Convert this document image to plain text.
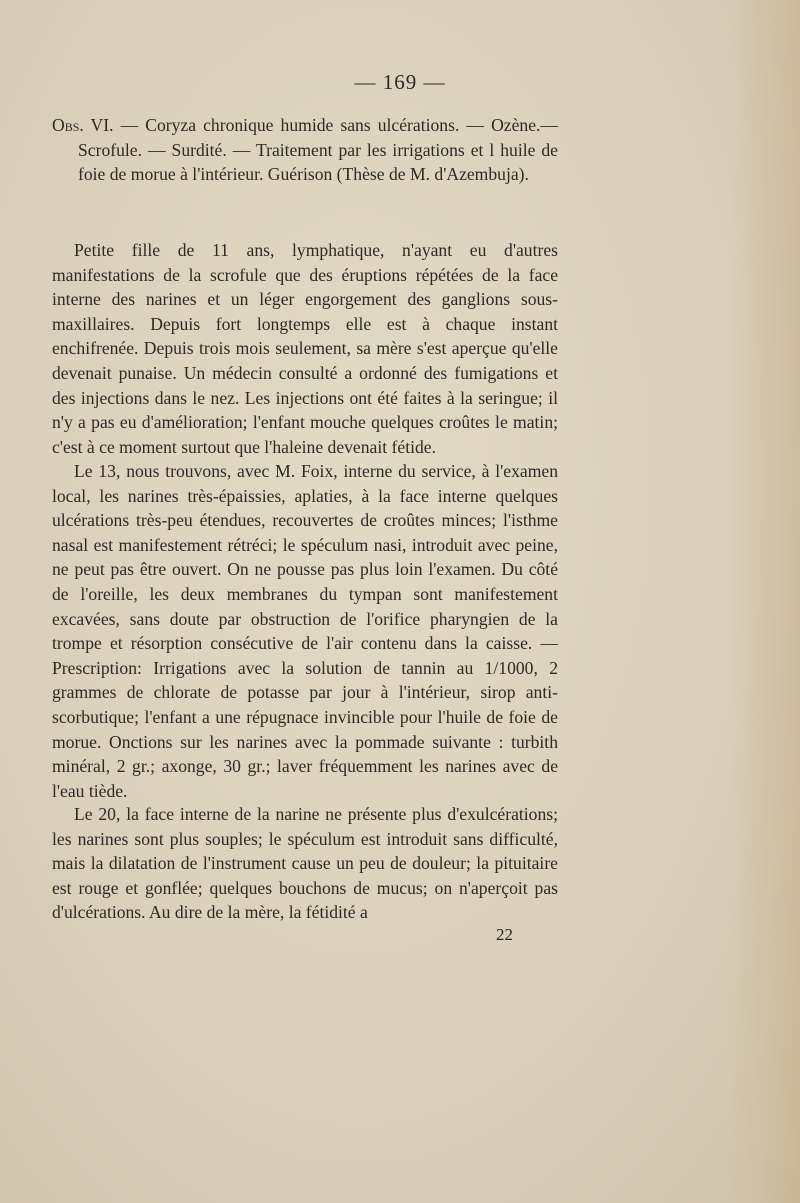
— 169 —

Obs. VI. — Coryza chronique humide sans ulcérations. — Ozène.— Scrofule. — Surdité. — Traitement par les irrigations et l huile de foie de morue à l'intérieur. Guérison (Thèse de M. d'Azembuja).

Petite fille de 11 ans, lymphatique, n'ayant eu d'autres manifestations de la scrofule que des éruptions répétées de la face interne des narines et un léger engorgement des ganglions sous-maxillaires. Depuis fort longtemps elle est à chaque instant enchifrenée. Depuis trois mois seulement, sa mère s'est aperçue qu'elle devenait punaise. Un médecin consulté a ordonné des fumigations et des injections dans le nez. Les injections ont été faites à la seringue; il n'y a pas eu d'amélioration; l'enfant mouche quelques croûtes le matin; c'est à ce moment surtout que l'haleine devenait fétide.

Le 13, nous trouvons, avec M. Foix, interne du service, à l'examen local, les narines très-épaissies, aplaties, à la face interne quelques ulcérations très-peu étendues, recouvertes de croûtes minces; l'isthme nasal est manifestement rétréci; le spéculum nasi, introduit avec peine, ne peut pas être ouvert. On ne pousse pas plus loin l'examen. Du côté de l'oreille, les deux membranes du tympan sont manifestement excavées, sans doute par obstruction de l'orifice pharyngien de la trompe et résorption consécutive de l'air contenu dans la caisse. — Prescription: Irrigations avec la solution de tannin au 1/1000, 2 grammes de chlorate de potasse par jour à l'intérieur, sirop anti-scorbutique; l'enfant a une répugnace invincible pour l'huile de foie de morue. Onctions sur les narines avec la pommade suivante : turbith minéral, 2 gr.; axonge, 30 gr.; laver fréquemment les narines avec de l'eau tiède.

Le 20, la face interne de la narine ne présente plus d'exulcérations; les narines sont plus souples; le spéculum est introduit sans difficulté, mais la dilatation de l'instrument cause un peu de douleur; la pituitaire est rouge et gonflée; quelques bouchons de mucus; on n'aperçoit pas d'ulcérations. Au dire de la mère, la fétidité a

22
